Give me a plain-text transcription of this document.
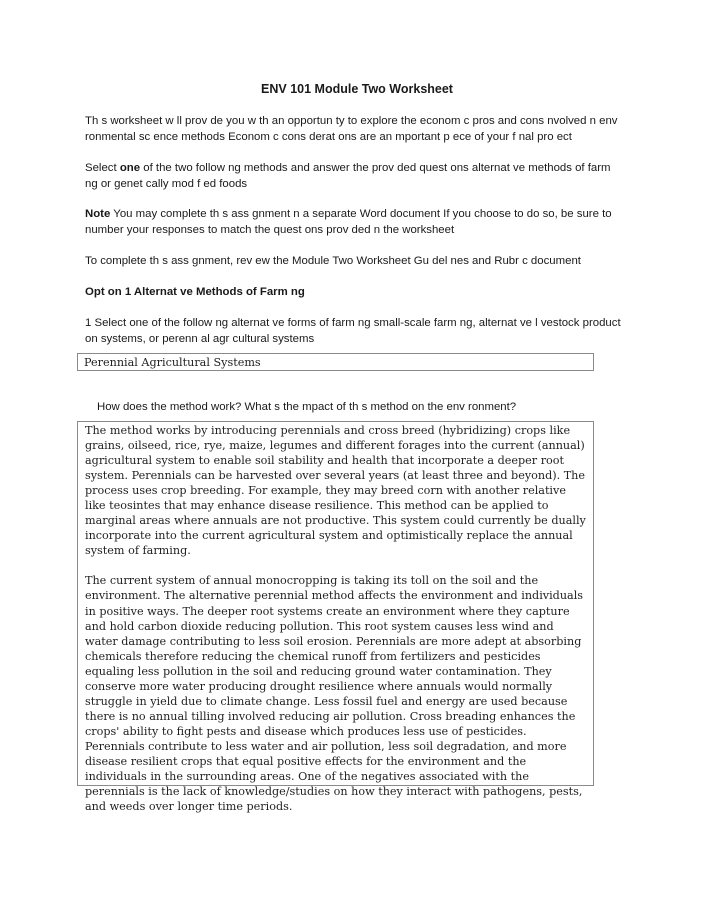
ENV 101 Module Two Worksheet

Th s worksheet w ll prov de you w th an opportun ty to explore the econom c pros and cons nvolved n env ronmental sc ence methods Econom c cons derat ons are an mportant p ece of your f nal pro ect

Select one of the two follow ng methods and answer the prov ded quest ons alternat ve methods of farm ng or genet cally mod f ed foods

Note You may complete th s ass gnment n a separate Word document If you choose to do so, be sure to number your responses to match the quest ons prov ded n the worksheet

To complete th s ass gnment, rev ew the Module Two Worksheet Gu del nes and Rubr c document

Opt on 1 Alternat ve Methods of Farm ng

1 Select one of the follow ng alternat ve forms of farm ng small-scale farm ng, alternat ve l vestock product on systems, or perenn al agr cultural systems

Perennial Agricultural Systems

How does the method work? What s the mpact of th s method on the env ronment?

The method works by introducing perennials and cross breed (hybridizing) crops like grains, oilseed, rice, rye, maize, legumes and different forages into the current (annual) agricultural system to enable soil stability and health that incorporate a deeper root system. Perennials can be harvested over several years (at least three and beyond). The process uses crop breeding. For example, they may breed corn with another relative like teosintes that may enhance disease resilience. This method can be applied to marginal areas where annuals are not productive. This system could currently be dually incorporate into the current agricultural system and optimistically replace the annual system of farming.

The current system of annual monocropping is taking its toll on the soil and the environment. The alternative perennial method affects the environment and individuals in positive ways. The deeper root systems create an environment where they capture and hold carbon dioxide reducing pollution. This root system causes less wind and water damage contributing to less soil erosion. Perennials are more adept at absorbing chemicals therefore reducing the chemical runoff from fertilizers and pesticides equaling less pollution in the soil and reducing ground water contamination. They conserve more water producing drought resilience where annuals would normally struggle in yield due to climate change. Less fossil fuel and energy are used because there is no annual tilling involved reducing air pollution. Cross breading enhances the crops' ability to fight pests and disease which produces less use of pesticides. Perennials contribute to less water and air pollution, less soil degradation, and more disease resilient crops that equal positive effects for the environment and the individuals in the surrounding areas. One of the negatives associated with the perennials is the lack of knowledge/studies on how they interact with pathogens, pests, and weeds over longer time periods.
